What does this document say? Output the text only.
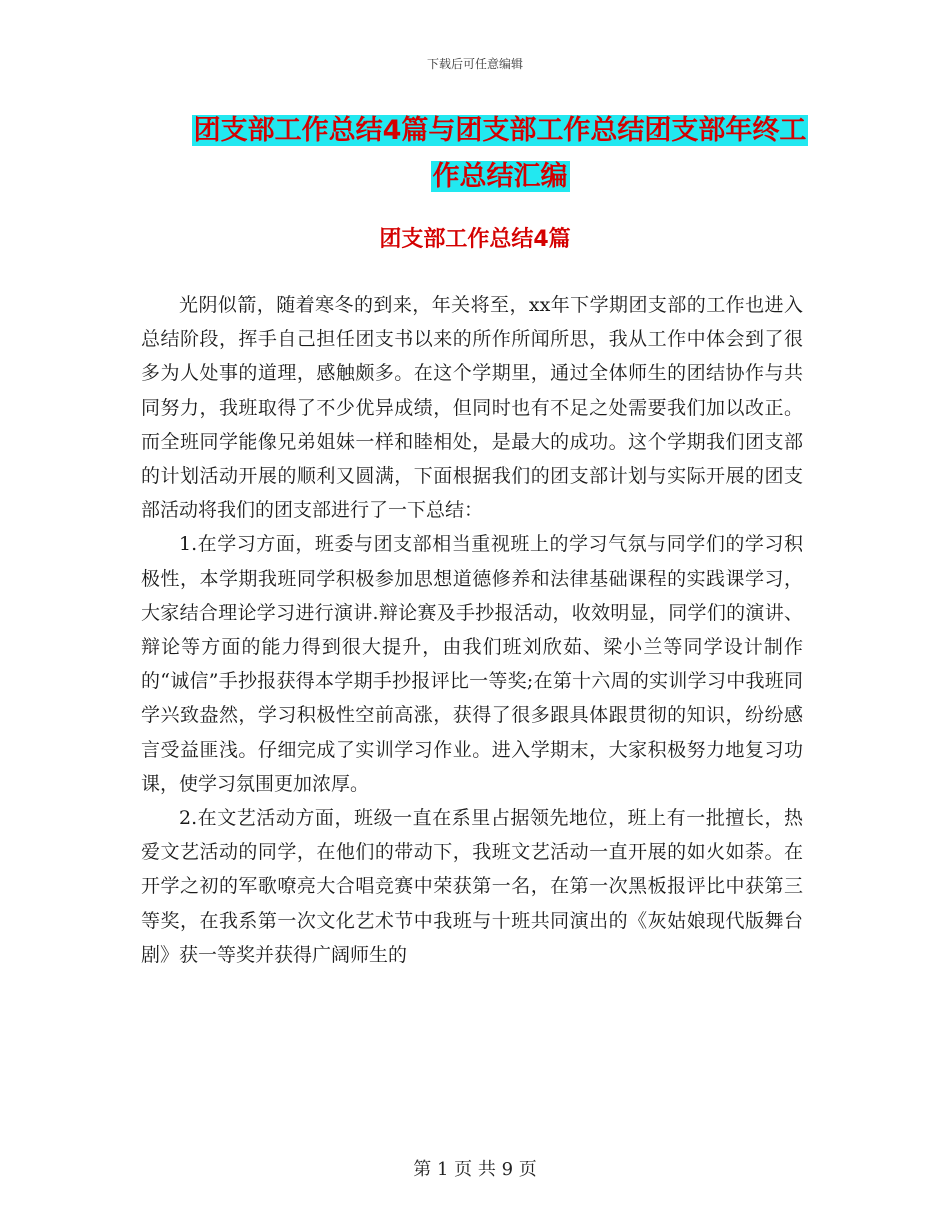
下载后可任意编辑
团支部工作总结4篇与团支部工作总结团支部年终工
作总结汇编
团支部工作总结4篇

光阴似箭，随着寒冬的到来，年关将至，xx年下学期团支部的工作也进入总结阶段，挥手自己担任团支书以来的所作所闻所思，我从工作中体会到了很多为人处事的道理，感触颇多。在这个学期里，通过全体师生的团结协作与共同努力，我班取得了不少优异成绩，但同时也有不足之处需要我们加以改正。而全班同学能像兄弟姐妹一样和睦相处，是最大的成功。这个学期我们团支部的计划活动开展的顺利又圆满，下面根据我们的团支部计划与实际开展的团支部活动将我们的团支部进行了一下总结：

1.在学习方面，班委与团支部相当重视班上的学习气氛与同学们的学习积极性，本学期我班同学积极参加思想道德修养和法律基础课程的实践课学习，大家结合理论学习进行演讲.辩论赛及手抄报活动，收效明显，同学们的演讲、辩论等方面的能力得到很大提升，由我们班刘欣茹、梁小兰等同学设计制作的“诚信”手抄报获得本学期手抄报评比一等奖;在第十六周的实训学习中我班同学兴致盎然，学习积极性空前高涨，获得了很多跟具体跟贯彻的知识，纷纷感言受益匪浅。仔细完成了实训学习作业。进入学期末，大家积极努力地复习功课，使学习氛围更加浓厚。

2.在文艺活动方面，班级一直在系里占据领先地位，班上有一批擅长，热爱文艺活动的同学，在他们的带动下，我班文艺活动一直开展的如火如荼。在开学之初的军歌嘹亮大合唱竞赛中荣获第一名，在第一次黑板报评比中获第三等奖，在我系第一次文化艺术节中我班与十班共同演出的《灰姑娘现代版舞台剧》获一等奖并获得广阔师生的

第 1 页 共 9 页
